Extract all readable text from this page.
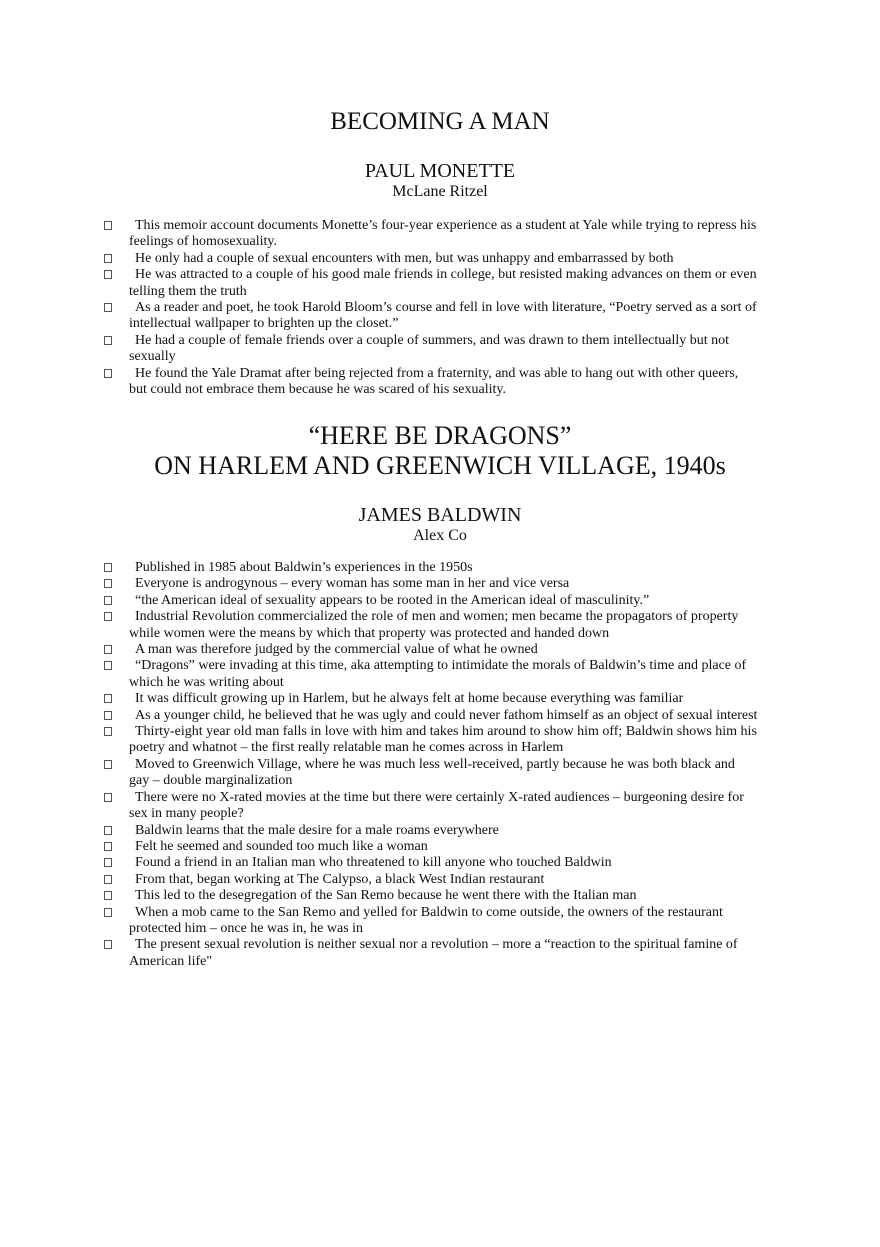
BECOMING A MAN
PAUL MONETTE
McLane Ritzel
This memoir account documents Monette’s four-year experience as a student at Yale while trying to repress his feelings of homosexuality.
He only had a couple of sexual encounters with men, but was unhappy and embarrassed by both
He was attracted to a couple of his good male friends in college, but resisted making advances on them or even telling them the truth
As a reader and poet, he took Harold Bloom’s course and fell in love with literature, “Poetry served as a sort of intellectual wallpaper to brighten up the closet.”
He had a couple of female friends over a couple of summers, and was drawn to them intellectually but not sexually
He found the Yale Dramat after being rejected from a fraternity, and was able to hang out with other queers, but could not embrace them because he was scared of his sexuality.
“HERE BE DRAGONS”
ON HARLEM AND GREENWICH VILLAGE, 1940s
JAMES BALDWIN
Alex Co
Published in 1985 about Baldwin’s experiences in the 1950s
Everyone is androgynous – every woman has some man in her and vice versa
“the American ideal of sexuality appears to be rooted in the American ideal of masculinity.”
Industrial Revolution commercialized the role of men and women; men became the propagators of property while women were the means by which that property was protected and handed down
A man was therefore judged by the commercial value of what he owned
“Dragons” were invading at this time, aka attempting to intimidate the morals of Baldwin’s time and place of which he was writing about
It was difficult growing up in Harlem, but he always felt at home because everything was familiar
As a younger child, he believed that he was ugly and could never fathom himself as an object of sexual interest
Thirty-eight year old man falls in love with him and takes him around to show him off; Baldwin shows him his poetry and whatnot – the first really relatable man he comes across in Harlem
Moved to Greenwich Village, where he was much less well-received, partly because he was both black and gay – double marginalization
There were no X-rated movies at the time but there were certainly X-rated audiences – burgeoning desire for sex in many people?
Baldwin learns that the male desire for a male roams everywhere
Felt he seemed and sounded too much like a woman
Found a friend in an Italian man who threatened to kill anyone who touched Baldwin
From that, began working at The Calypso, a black West Indian restaurant
This led to the desegregation of the San Remo because he went there with the Italian man
When a mob came to the San Remo and yelled for Baldwin to come outside, the owners of the restaurant protected him – once he was in, he was in
The present sexual revolution is neither sexual nor a revolution – more a “reaction to the spiritual famine of American life"
